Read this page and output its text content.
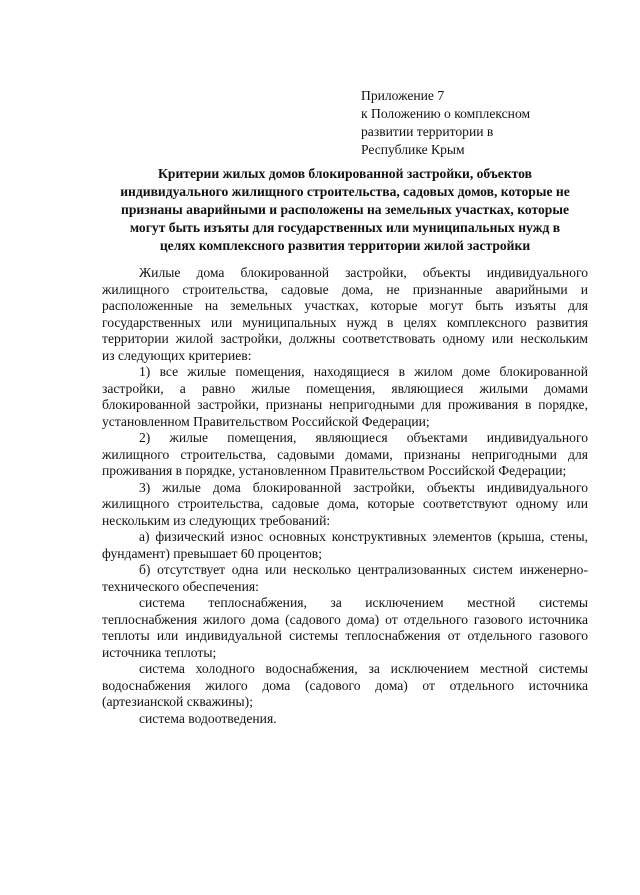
Приложение 7
к Положению о комплексном
развитии территории в
Республике Крым
Критерии жилых домов блокированной застройки, объектов
индивидуального жилищного строительства, садовых домов, которые не
признаны аварийными и расположены на земельных участках, которые
могут быть изъяты для государственных или муниципальных нужд в
целях комплексного развития территории жилой застройки
Жилые дома блокированной застройки, объекты индивидуального
жилищного строительства, садовые дома, не признанные аварийными и
расположенные на земельных участках, которые могут быть изъяты для
государственных или муниципальных нужд в целях комплексного развития
территории жилой застройки, должны соответствовать одному или нескольким
из следующих критериев:
1) все жилые помещения, находящиеся в жилом доме блокированной
застройки, а равно жилые помещения, являющиеся жилыми домами
блокированной застройки, признаны непригодными для проживания в порядке,
установленном Правительством Российской Федерации;
2) жилые помещения, являющиеся объектами индивидуального
жилищного строительства, садовыми домами, признаны непригодными для
проживания в порядке, установленном Правительством Российской Федерации;
3) жилые дома блокированной застройки, объекты индивидуального
жилищного строительства, садовые дома, которые соответствуют одному или
нескольким из следующих требований:
а) физический износ основных конструктивных элементов (крыша, стены,
фундамент) превышает 60 процентов;
б) отсутствует одна или несколько централизованных систем инженерно-
технического обеспечения:
система теплоснабжения, за исключением местной системы
теплоснабжения жилого дома (садового дома) от отдельного газового источника
теплоты или индивидуальной системы теплоснабжения от отдельного газового
источника теплоты;
система холодного водоснабжения, за исключением местной системы
водоснабжения жилого дома (садового дома) от отдельного источника
(артезианской скважины);
система водоотведения.
